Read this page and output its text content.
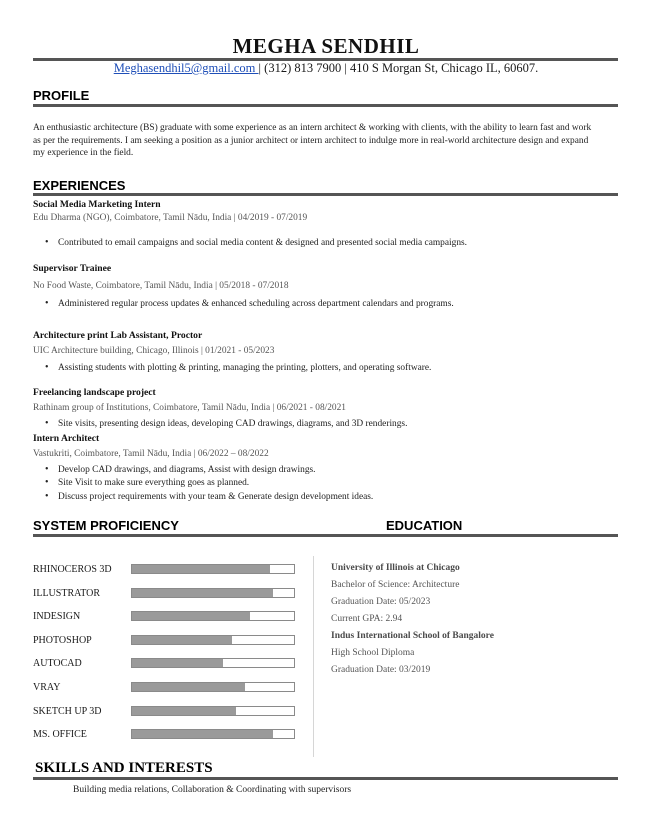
MEGHA SENDHIL
Meghasendhil5@gmail.com | (312) 813 7900 | 410 S Morgan St, Chicago IL, 60607.
PROFILE
An enthusiastic architecture (BS) graduate with some experience as an intern architect & working with clients, with the ability to learn fast and work as per the requirements. I am seeking a position as a junior architect or intern architect to indulge more in real-world architecture design and expand my experience in the field.
EXPERIENCES
Social Media Marketing Intern
Edu Dharma (NGO), Coimbatore, Tamil Nādu, India | 04/2019 - 07/2019
• Contributed to email campaigns and social media content & designed and presented social media campaigns.
Supervisor Trainee
No Food Waste, Coimbatore, Tamil Nādu, India | 05/2018 - 07/2018
• Administered regular process updates & enhanced scheduling across department calendars and programs.
Architecture print Lab Assistant, Proctor
UIC Architecture building, Chicago, Illinois | 01/2021 - 05/2023
• Assisting students with plotting & printing, managing the printing, plotters, and operating software.
Freelancing landscape project
Rathinam group of Institutions, Coimbatore, Tamil Nādu, India | 06/2021 - 08/2021
• Site visits, presenting design ideas, developing CAD drawings, diagrams, and 3D renderings.
Intern Architect
Vastukriti, Coimbatore, Tamil Nādu, India | 06/2022 – 08/2022
• Develop CAD drawings, and diagrams, Assist with design drawings.
• Site Visit to make sure everything goes as planned.
• Discuss project requirements with your team & Generate design development ideas.
SYSTEM PROFICIENCY	EDUCATION
RHINOCEROS 3D
ILLUSTRATOR
INDESIGN
PHOTOSHOP
AUTOCAD
VRAY
SKETCH UP 3D
MS. OFFICE
University of Illinois at Chicago
Bachelor of Science: Architecture
Graduation Date: 05/2023
Current GPA: 2.94
Indus International School of Bangalore
High School Diploma
Graduation Date: 03/2019
SKILLS AND INTERESTS
Building media relations, Collaboration & Coordinating with supervisors
